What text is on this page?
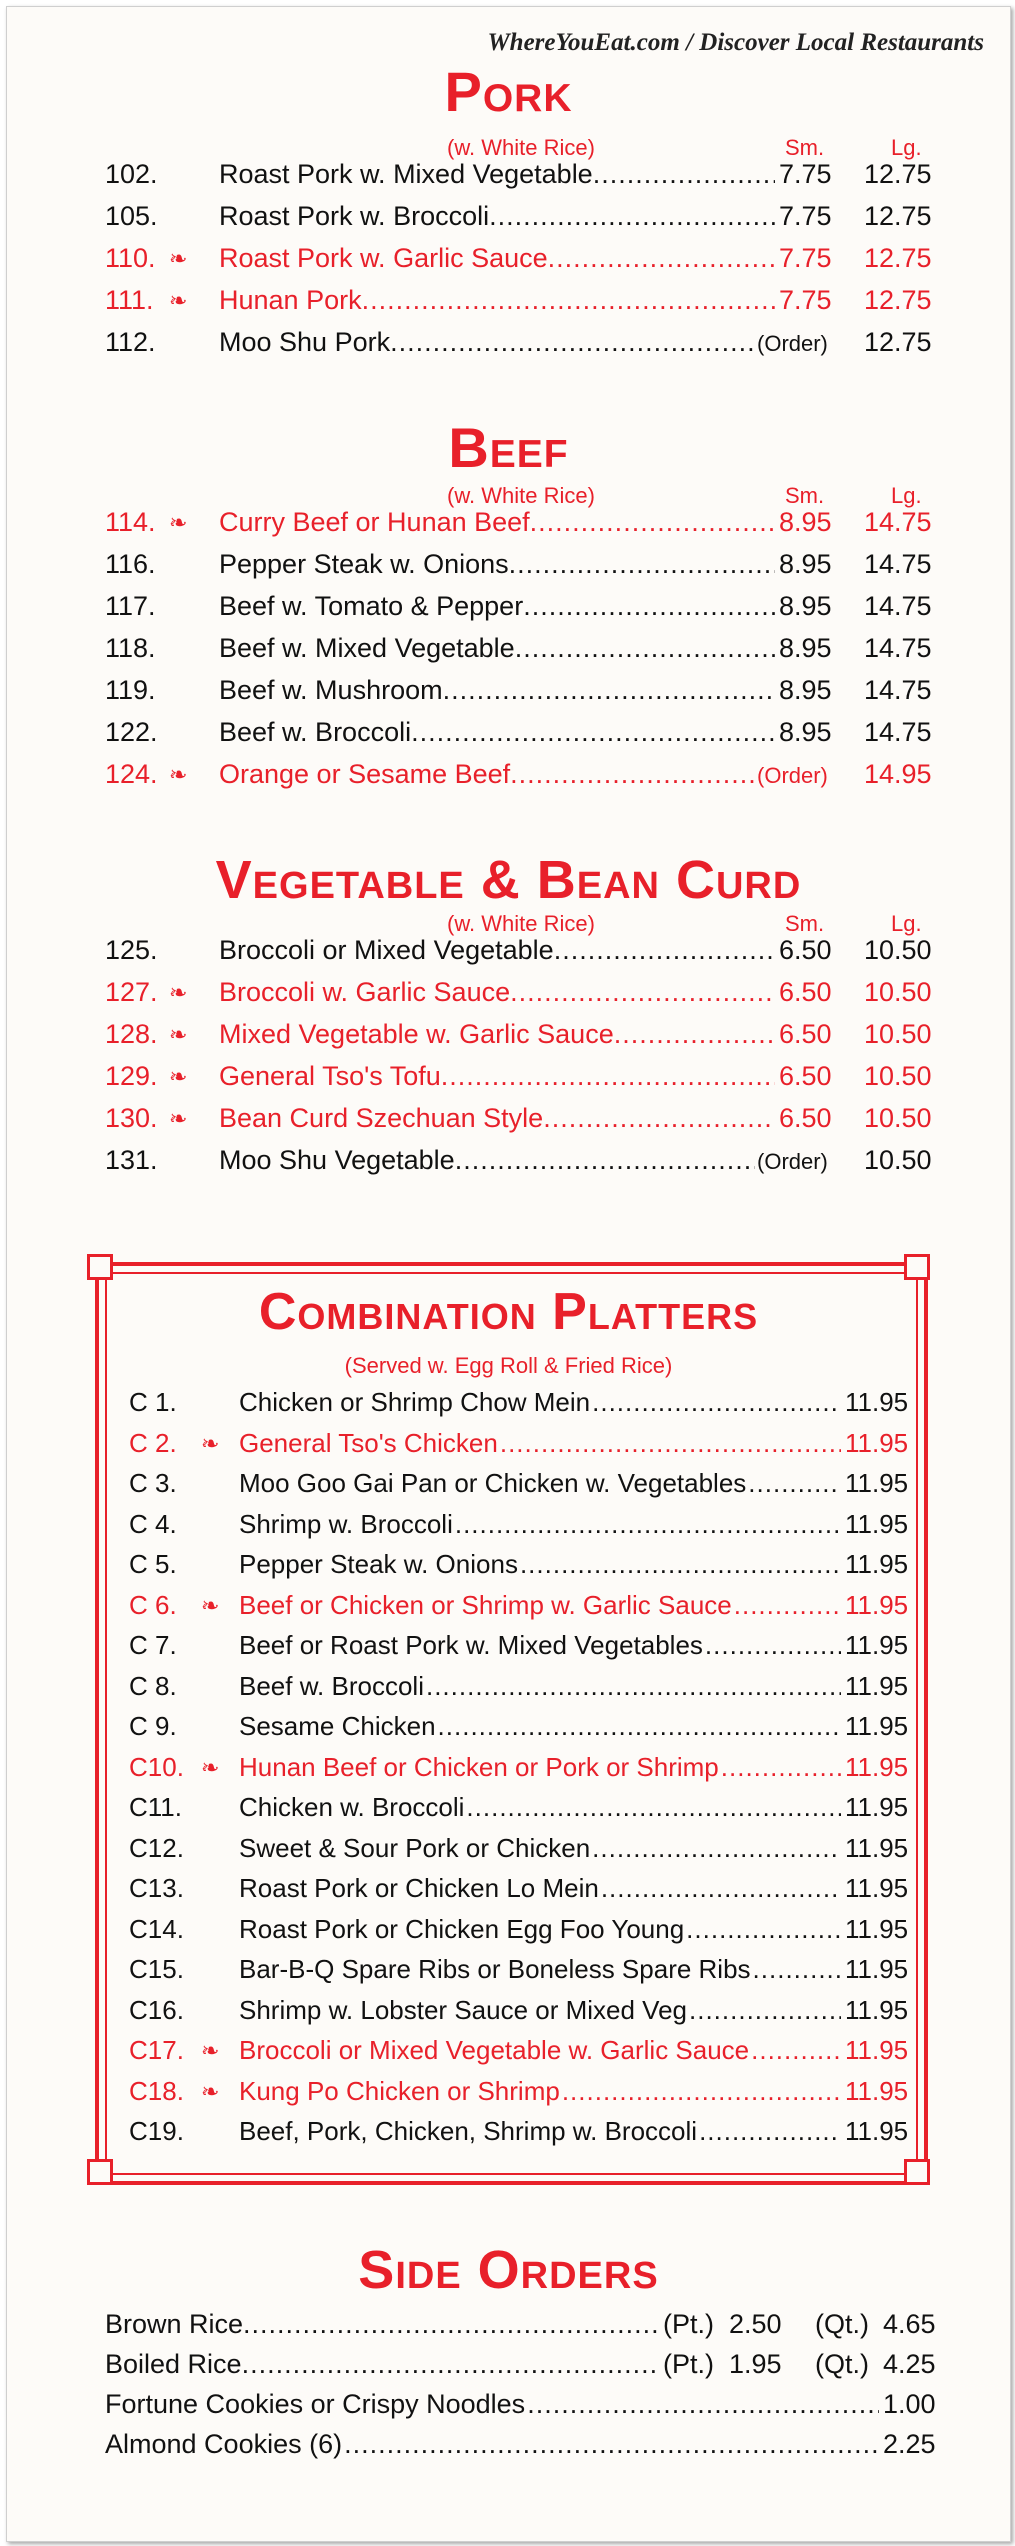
WhereYouEat.com / Discover Local Restaurants
Pork
(w. White Rice)	Sm.	Lg.
102. Roast Pork w. Mixed Vegetable	7.75 12.75
.....
105. Roast Pork w. Broccoli	7.75 12.75
.....
110. ❧ Roast Pork w. Garlic Sauce	7.75 12.75
.....
111. ❧ Hunan Pork	7.75 12.75
.....
112. Moo Shu Pork	(Order) 12.75
.....
Beef
(w. White Rice)	Sm.	Lg.
114. ❧ Curry Beef or Hunan Beef	8.95 14.75
.....
116. Pepper Steak w. Onions	8.95 14.75
.....
117. Beef w. Tomato & Pepper	8.95 14.75
.....
118. Beef w. Mixed Vegetable	8.95 14.75
.....
119. Beef w. Mushroom	8.95 14.75
.....
122. Beef w. Broccoli	8.95 14.75
.....
124. ❧ Orange or Sesame Beef	(Order) 14.95
.....
Vegetable & Bean Curd
(w. White Rice)	Sm.	Lg.
125. Broccoli or Mixed Vegetable	6.50 10.50
.....
127. ❧ Broccoli w. Garlic Sauce	6.50 10.50
.....
128. ❧ Mixed Vegetable w. Garlic Sauce	6.50 10.50
.....
129. ❧ General Tso's Tofu	6.50 10.50
.....
130. ❧ Bean Curd Szechuan Style	6.50 10.50
.....
131. Moo Shu Vegetable	(Order) 10.50
.....
Combination Platters
(Served w. Egg Roll & Fried Rice)
C 1. Chicken or Shrimp Chow Mein	11.95
.....
C 2. ❧ General Tso's Chicken	11.95
.....
C 3. Moo Goo Gai Pan or Chicken w. Vegetables	11.95
.....
C 4. Shrimp w. Broccoli	11.95
.....
C 5. Pepper Steak w. Onions	11.95
.....
C 6. ❧ Beef or Chicken or Shrimp w. Garlic Sauce	11.95
.....
C 7. Beef or Roast Pork w. Mixed Vegetables	11.95
.....
C 8. Beef w. Broccoli	11.95
.....
C 9. Sesame Chicken	11.95
.....
C10. ❧ Hunan Beef or Chicken or Pork or Shrimp	11.95
.....
C11. Chicken w. Broccoli	11.95
.....
C12. Sweet & Sour Pork or Chicken	11.95
.....
C13. Roast Pork or Chicken Lo Mein	11.95
.....
C14. Roast Pork or Chicken Egg Foo Young	11.95
.....
C15. Bar-B-Q Spare Ribs or Boneless Spare Ribs	11.95
.....
C16. Shrimp w. Lobster Sauce or Mixed Veg	11.95
.....
C17. ❧ Broccoli or Mixed Vegetable w. Garlic Sauce	11.95
.....
C18. ❧ Kung Po Chicken or Shrimp	11.95
.....
C19. Beef, Pork, Chicken, Shrimp w. Broccoli	11.95
.....
Side Orders
Brown Rice	(Pt.) 2.50 (Qt.) 4.65
.....
Boiled Rice	(Pt.) 1.95 (Qt.) 4.25
.....
Fortune Cookies or Crispy Noodles	1.00
.....
Almond Cookies (6)	2.25
.....
